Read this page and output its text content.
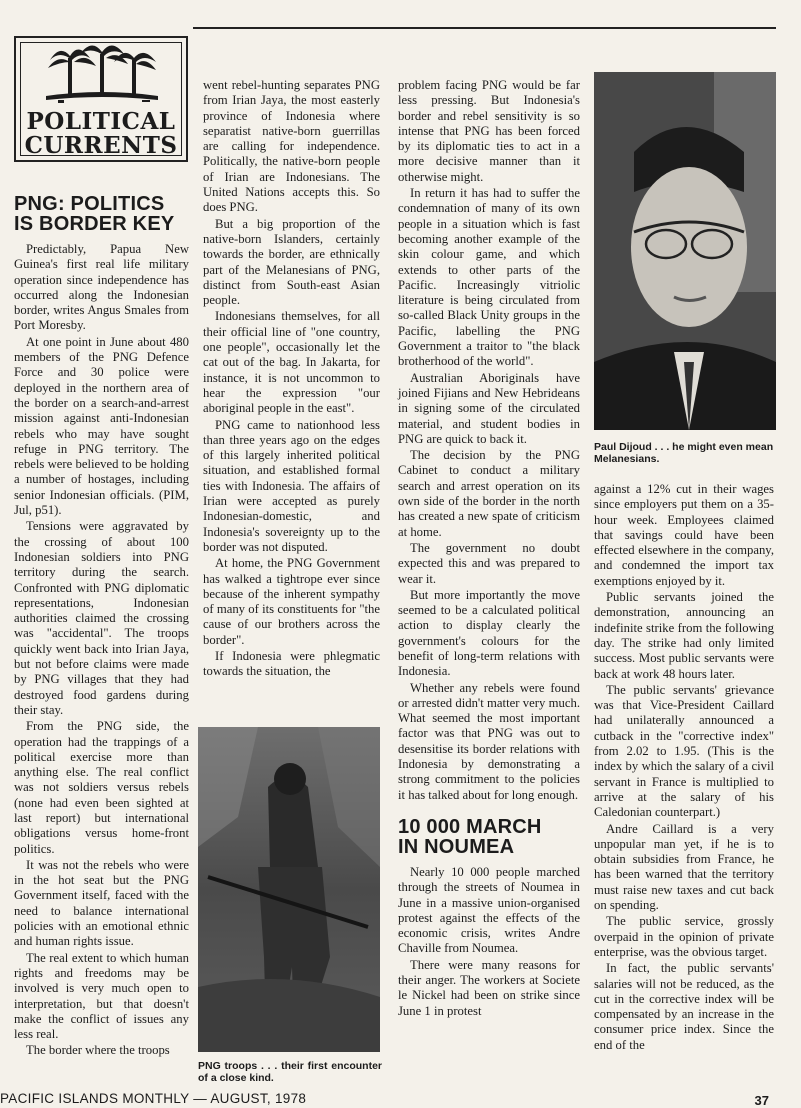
POLITICAL
CURRENTS
PNG: POLITICS IS BORDER KEY

Predictably, Papua New Guinea's first real life military operation since independence has occurred along the Indonesian border, writes Angus Smales from Port Moresby.

At one point in June about 480 members of the PNG Defence Force and 30 police were deployed in the northern area of the border on a search-and-arrest mission against anti-Indonesian rebels who may have sought refuge in PNG territory. The rebels were believed to be holding a number of hostages, including senior Indonesian officials. (PIM, Jul, p51).

Tensions were aggravated by the crossing of about 100 Indonesian soldiers into PNG territory during the search. Confronted with PNG diplomatic representations, Indonesian authorities claimed the crossing was "accidental". The troops quickly went back into Irian Jaya, but not before claims were made by PNG villages that they had destroyed food gardens during their stay.

From the PNG side, the operation had the trappings of a political exercise more than anything else. The real conflict was not soldiers versus rebels (none had even been sighted at last report) but international obligations versus home-front politics.

It was not the rebels who were in the hot seat but the PNG Government itself, faced with the need to balance international policies with an emotional ethnic and human rights issue.

The real extent to which human rights and freedoms may be involved is very much open to interpretation, but that doesn't make the conflict of issues any less real.

The border where the troops

went rebel-hunting separates PNG from Irian Jaya, the most easterly province of Indonesia where separatist native-born guerrillas are calling for independence. Politically, the native-born people of Irian are Indonesians. The United Nations accepts this. So does PNG.

But a big proportion of the native-born Islanders, certainly towards the border, are ethnically part of the Melanesians of PNG, distinct from South-east Asian people.

Indonesians themselves, for all their official line of "one country, one people", occasionally let the cat out of the bag. In Jakarta, for instance, it is not uncommon to hear the expression "our aboriginal people in the east".

PNG came to nationhood less than three years ago on the edges of this largely inherited political situation, and established formal ties with Indonesia. The affairs of Irian were accepted as purely Indonesian-domestic, and Indonesia's sovereignty up to the border was not disputed.

At home, the PNG Government has walked a tightrope ever since because of the inherent sympathy of many of its constituents for "the cause of our brothers across the border".

If Indonesia were phlegmatic towards the situation, the

PNG troops . . . their first encounter of a close kind.

problem facing PNG would be far less pressing. But Indonesia's border and rebel sensitivity is so intense that PNG has been forced by its diplomatic ties to act in a more decisive manner than it otherwise might.

In return it has had to suffer the condemnation of many of its own people in a situation which is fast becoming another example of the skin colour game, and which extends to other parts of the Pacific. Increasingly vitriolic literature is being circulated from so-called Black Unity groups in the Pacific, labelling the PNG Government a traitor to "the black brotherhood of the world".

Australian Aboriginals have joined Fijians and New Hebrideans in signing some of the circulated material, and student bodies in PNG are quick to back it.

The decision by the PNG Cabinet to conduct a military search and arrest operation on its own side of the border in the north has created a new spate of criticism at home.

The government no doubt expected this and was prepared to wear it.

But more importantly the move seemed to be a calculated political action to display clearly the government's colours for the benefit of long-term relations with Indonesia.

Whether any rebels were found or arrested didn't matter very much. What seemed the most important factor was that PNG was out to desensitise its border relations with Indonesia by demonstrating a strong commitment to the policies it has talked about for long enough.

10 000 MARCH IN NOUMEA

Nearly 10 000 people marched through the streets of Noumea in June in a massive union-organised protest against the effects of the economic crisis, writes Andre Chaville from Noumea.

There were many reasons for their anger. The workers at Societe le Nickel had been on strike since June 1 in protest

Paul Dijoud . . . he might even mean Melanesians.

against a 12% cut in their wages since employers put them on a 35-hour week. Employees claimed that savings could have been effected elsewhere in the company, and condemned the import tax exemptions enjoyed by it.

Public servants joined the demonstration, announcing an indefinite strike from the following day. The strike had only limited success. Most public servants were back at work 48 hours later.

The public servants' grievance was that Vice-President Caillard had unilaterally announced a cutback in the "corrective index" from 2.02 to 1.95. (This is the index by which the salary of a civil servant in France is multiplied to arrive at the salary of his Caledonian counterpart.)

Andre Caillard is a very unpopular man yet, if he is to obtain subsidies from France, he has been warned that the territory must raise new taxes and cut back on spending.

The public service, grossly overpaid in the opinion of private enterprise, was the obvious target.

In fact, the public servants' salaries will not be reduced, as the cut in the corrective index will be compensated by an increase in the consumer price index. Since the end of the

PACIFIC ISLANDS MONTHLY — AUGUST, 1978	37
